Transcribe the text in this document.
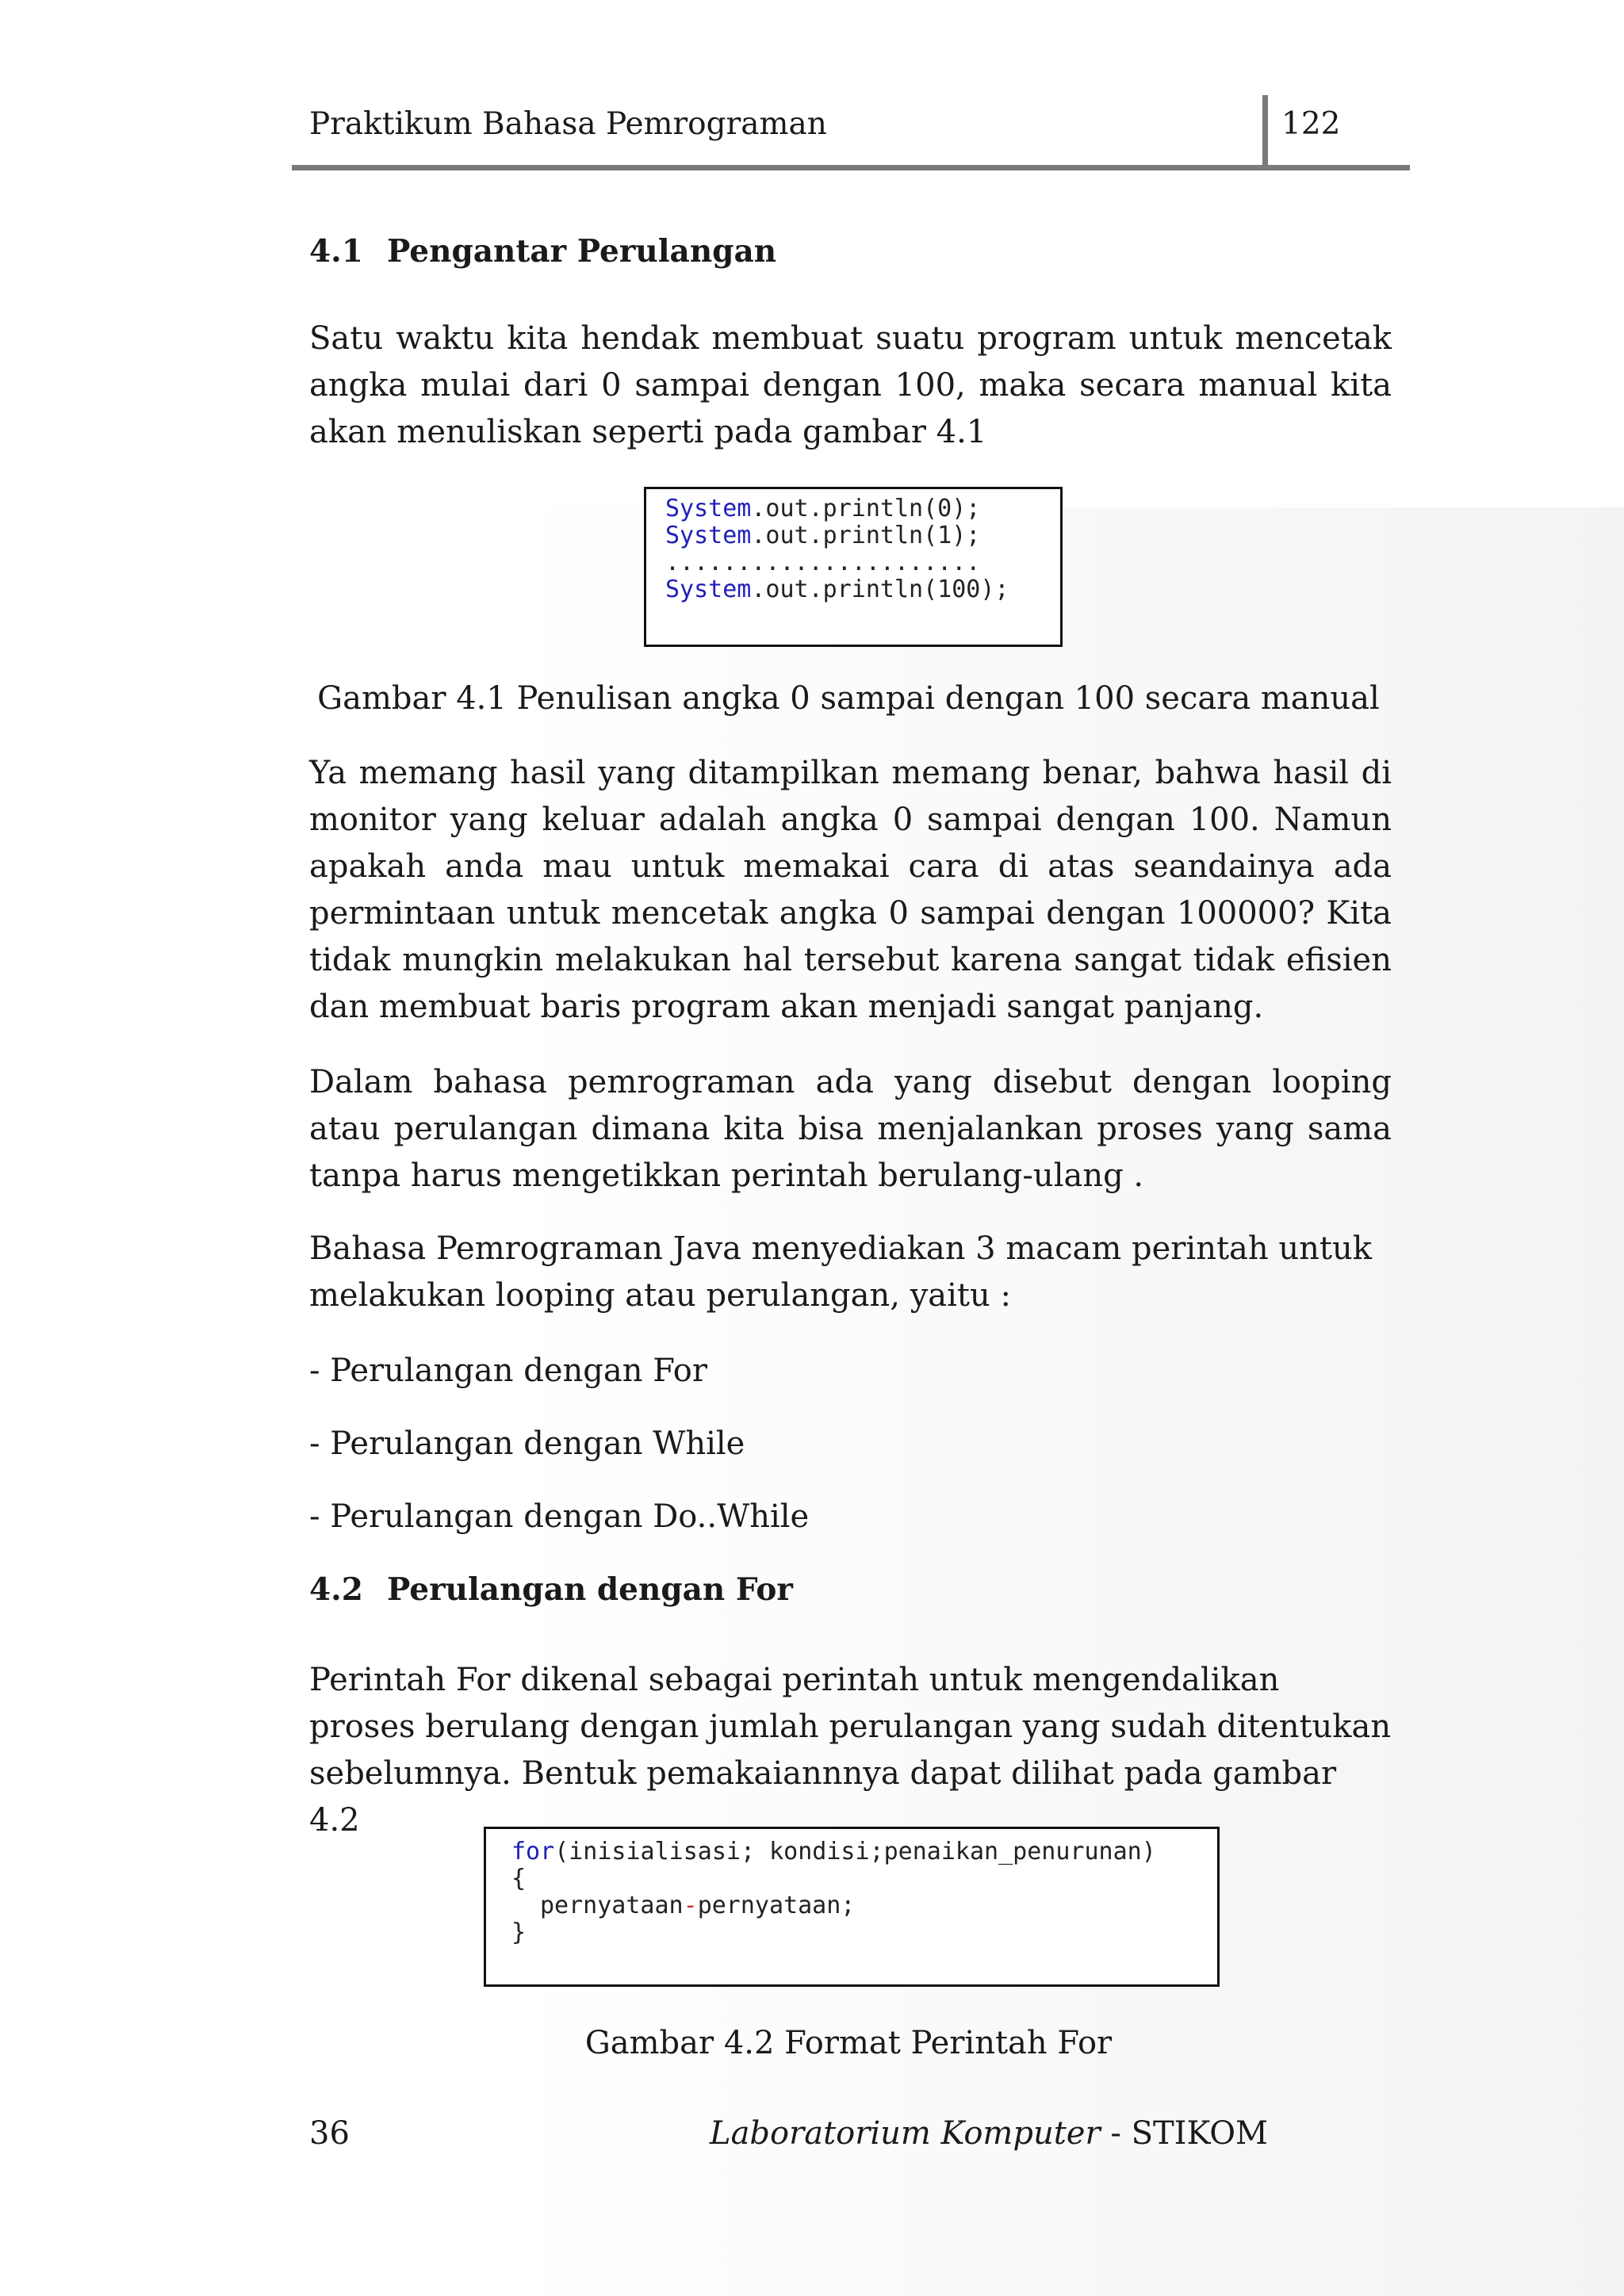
Praktikum Bahasa Pemrograman	122
4.1 Pengantar Perulangan

Satu waktu kita hendak membuat suatu program untuk mencetak angka mulai dari 0 sampai dengan 100, maka secara manual kita akan menuliskan seperti pada gambar 4.1

System.out.println(0);
System.out.println(1);
......................
System.out.println(100);
Gambar 4.1 Penulisan angka 0 sampai dengan 100 secara manual

Ya memang hasil yang ditampilkan memang benar, bahwa hasil di monitor yang keluar adalah angka 0 sampai dengan 100. Namun apakah anda mau untuk memakai cara di atas seandainya ada permintaan untuk mencetak angka 0 sampai dengan 100000? Kita tidak mungkin melakukan hal tersebut karena sangat tidak efisien dan membuat baris program akan menjadi sangat panjang.

Dalam bahasa pemrograman ada yang disebut dengan looping atau perulangan dimana kita bisa menjalankan proses yang sama tanpa harus mengetikkan perintah berulang-ulang .

Bahasa Pemrograman Java menyediakan 3 macam perintah untuk melakukan looping atau perulangan, yaitu :

- Perulangan dengan For

- Perulangan dengan While

- Perulangan dengan Do..While

4.2 Perulangan dengan For

Perintah For dikenal sebagai perintah untuk mengendalikan proses berulang dengan jumlah perulangan yang sudah ditentukan sebelumnya. Bentuk pemakaiannnya dapat dilihat pada gambar 4.2

for(inisialisasi; kondisi;penaikan_penurunan)
{
pernyataan-pernyataan;
}
Gambar 4.2 Format Perintah For
36	Laboratorium Komputer - STIKOM
